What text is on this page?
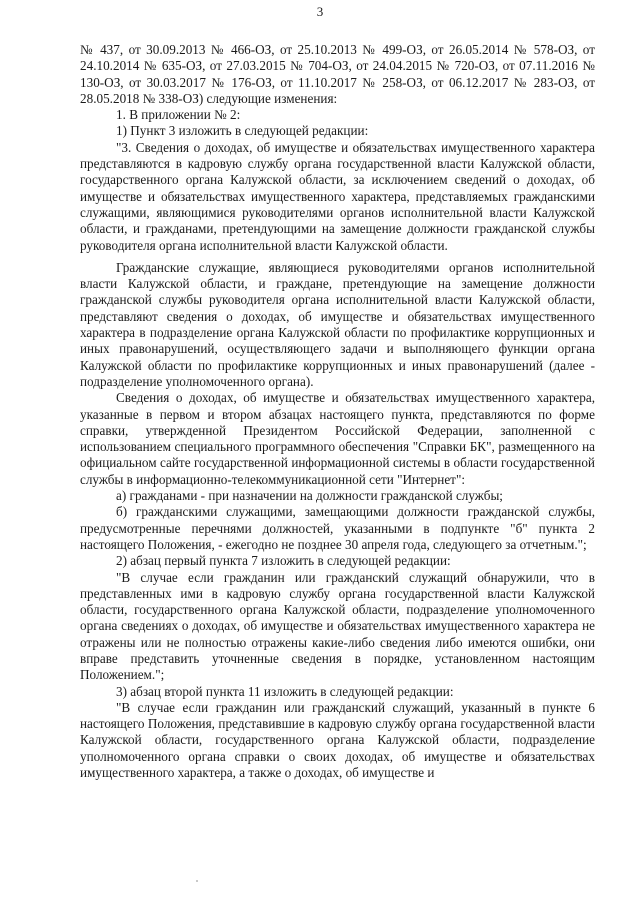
3

№ 437, от 30.09.2013 № 466-ОЗ, от 25.10.2013 № 499-ОЗ, от 26.05.2014 № 578-ОЗ, от 24.10.2014 № 635-ОЗ, от 27.03.2015 № 704-ОЗ, от 24.04.2015 № 720-ОЗ, от 07.11.2016 № 130-ОЗ, от 30.03.2017 № 176-ОЗ, от 11.10.2017 № 258-ОЗ, от 06.12.2017 № 283-ОЗ, от 28.05.2018 № 338-ОЗ) следующие изменения:

1. В приложении № 2:

1) Пункт 3 изложить в следующей редакции:

"3. Сведения о доходах, об имуществе и обязательствах имущественного характера представляются в кадровую службу органа государственной власти Калужской области, государственного органа Калужской области, за исключением сведений о доходах, об имуществе и обязательствах имущественного характера, представляемых гражданскими служащими, являющимися руководителями органов исполнительной власти Калужской области, и гражданами, претендующими на замещение должности гражданской службы руководителя органа исполнительной власти Калужской области.

Гражданские служащие, являющиеся руководителями органов исполнительной власти Калужской области, и граждане, претендующие на замещение должности гражданской службы руководителя органа исполнительной власти Калужской области, представляют сведения о доходах, об имуществе и обязательствах имущественного характера в подразделение органа Калужской области по профилактике коррупционных и иных правонарушений, осуществляющего задачи и выполняющего функции органа Калужской области по профилактике коррупционных и иных правонарушений (далее - подразделение уполномоченного органа).

Сведения о доходах, об имуществе и обязательствах имущественного характера, указанные в первом и втором абзацах настоящего пункта, представляются по форме справки, утвержденной Президентом Российской Федерации, заполненной с использованием специального программного обеспечения "Справки БК", размещенного на официальном сайте государственной информационной системы в области государственной службы в информационно-телекоммуникационной сети "Интернет":

а) гражданами - при назначении на должности гражданской службы;

б) гражданскими служащими, замещающими должности гражданской службы, предусмотренные перечнями должностей, указанными в подпункте "б" пункта 2 настоящего Положения, - ежегодно не позднее 30 апреля года, следующего за отчетным.";

2) абзац первый пункта 7 изложить в следующей редакции:

"В случае если гражданин или гражданский служащий обнаружили, что в представленных ими в кадровую службу органа государственной власти Калужской области, государственного органа Калужской области, подразделение уполномоченного органа сведениях о доходах, об имуществе и обязательствах имущественного характера не отражены или не полностью отражены какие-либо сведения либо имеются ошибки, они вправе представить уточненные сведения в порядке, установленном настоящим Положением.";

3) абзац второй пункта 11 изложить в следующей редакции:

"В случае если гражданин или гражданский служащий, указанный в пункте 6 настоящего Положения, представившие в кадровую службу органа государственной власти Калужской области, государственного органа Калужской области, подразделение уполномоченного органа справки о своих доходах, об имуществе и обязательствах имущественного характера, а также о доходах, об имуществе и
